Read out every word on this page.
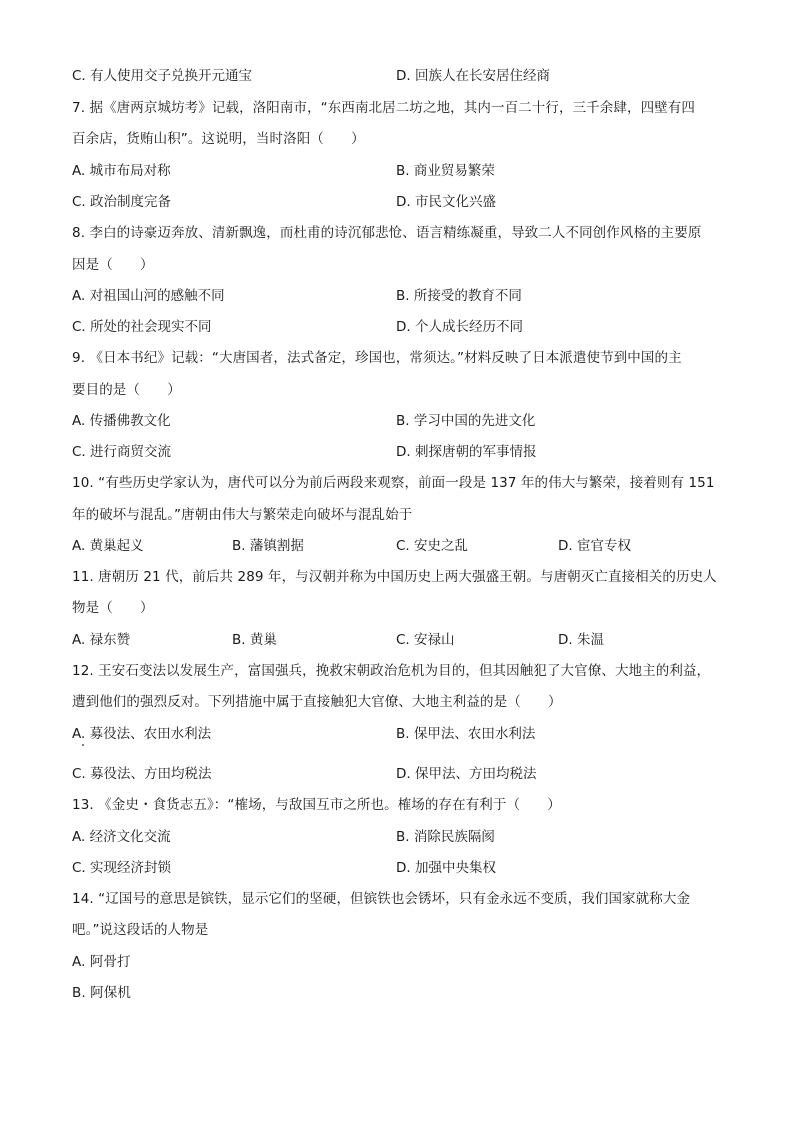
C. 有人使用交子兑换开元通宝	D. 回族人在长安居住经商
7. 据《唐两京城坊考》记载，洛阳南市，“东西南北居二坊之地，其内一百二十行，三千余肆，四壁有四
百余店，货贿山积”。这说明，当时洛阳（　　）
A. 城市布局对称	B. 商业贸易繁荣
C. 政治制度完备	D. 市民文化兴盛
8. 李白的诗豪迈奔放、清新飘逸，而杜甫的诗沉郁悲怆、语言精练凝重，导致二人不同创作风格的主要原
因是（　　）
A. 对祖国山河的感触不同	B. 所接受的教育不同
C. 所处的社会现实不同	D. 个人成长经历不同
9. 《日本书纪》记载：“大唐国者，法式备定，珍国也，常须达。”材料反映了日本派遣使节到中国的主
要目的是（　　）
A. 传播佛教文化	B. 学习中国的先进文化
C. 进行商贸交流	D. 刺探唐朝的军事情报
10. “有些历史学家认为，唐代可以分为前后两段来观察，前面一段是 137 年的伟大与繁荣，接着则有 151
年的破坏与混乱。”唐朝由伟大与繁荣走向破坏与混乱始于
A. 黄巢起义	B. 藩镇割据	C. 安史之乱	D. 宦官专权
11. 唐朝历 21 代，前后共 289 年，与汉朝并称为中国历史上两大强盛王朝。与唐朝灭亡直接相关的历史人
物是（　　）
A. 禄东赞	B. 黄巢	C. 安禄山	D. 朱温
12. 王安石变法以发展生产，富国强兵，挽救宋朝政治危机为目的，但其因触犯了大官僚、大地主的利益，
遭到他们的强烈反对。下列措施中属于直接触犯大官僚、大地主利益的是（　　）
A. 募役法、农田水利法	B. 保甲法、农田水利法
C. 募役法、方田均税法	D. 保甲法、方田均税法
13. 《金史・食货志五》：“榷场，与敌国互市之所也。榷场的存在有利于（　　）
A. 经济文化交流	B. 消除民族隔阂
C. 实现经济封锁	D. 加强中央集权
14. “辽国号的意思是镔铁，显示它们的坚硬，但镔铁也会锈坏，只有金永远不变质，我们国家就称大金
吧。”说这段话的人物是
A. 阿骨打
B. 阿保机
